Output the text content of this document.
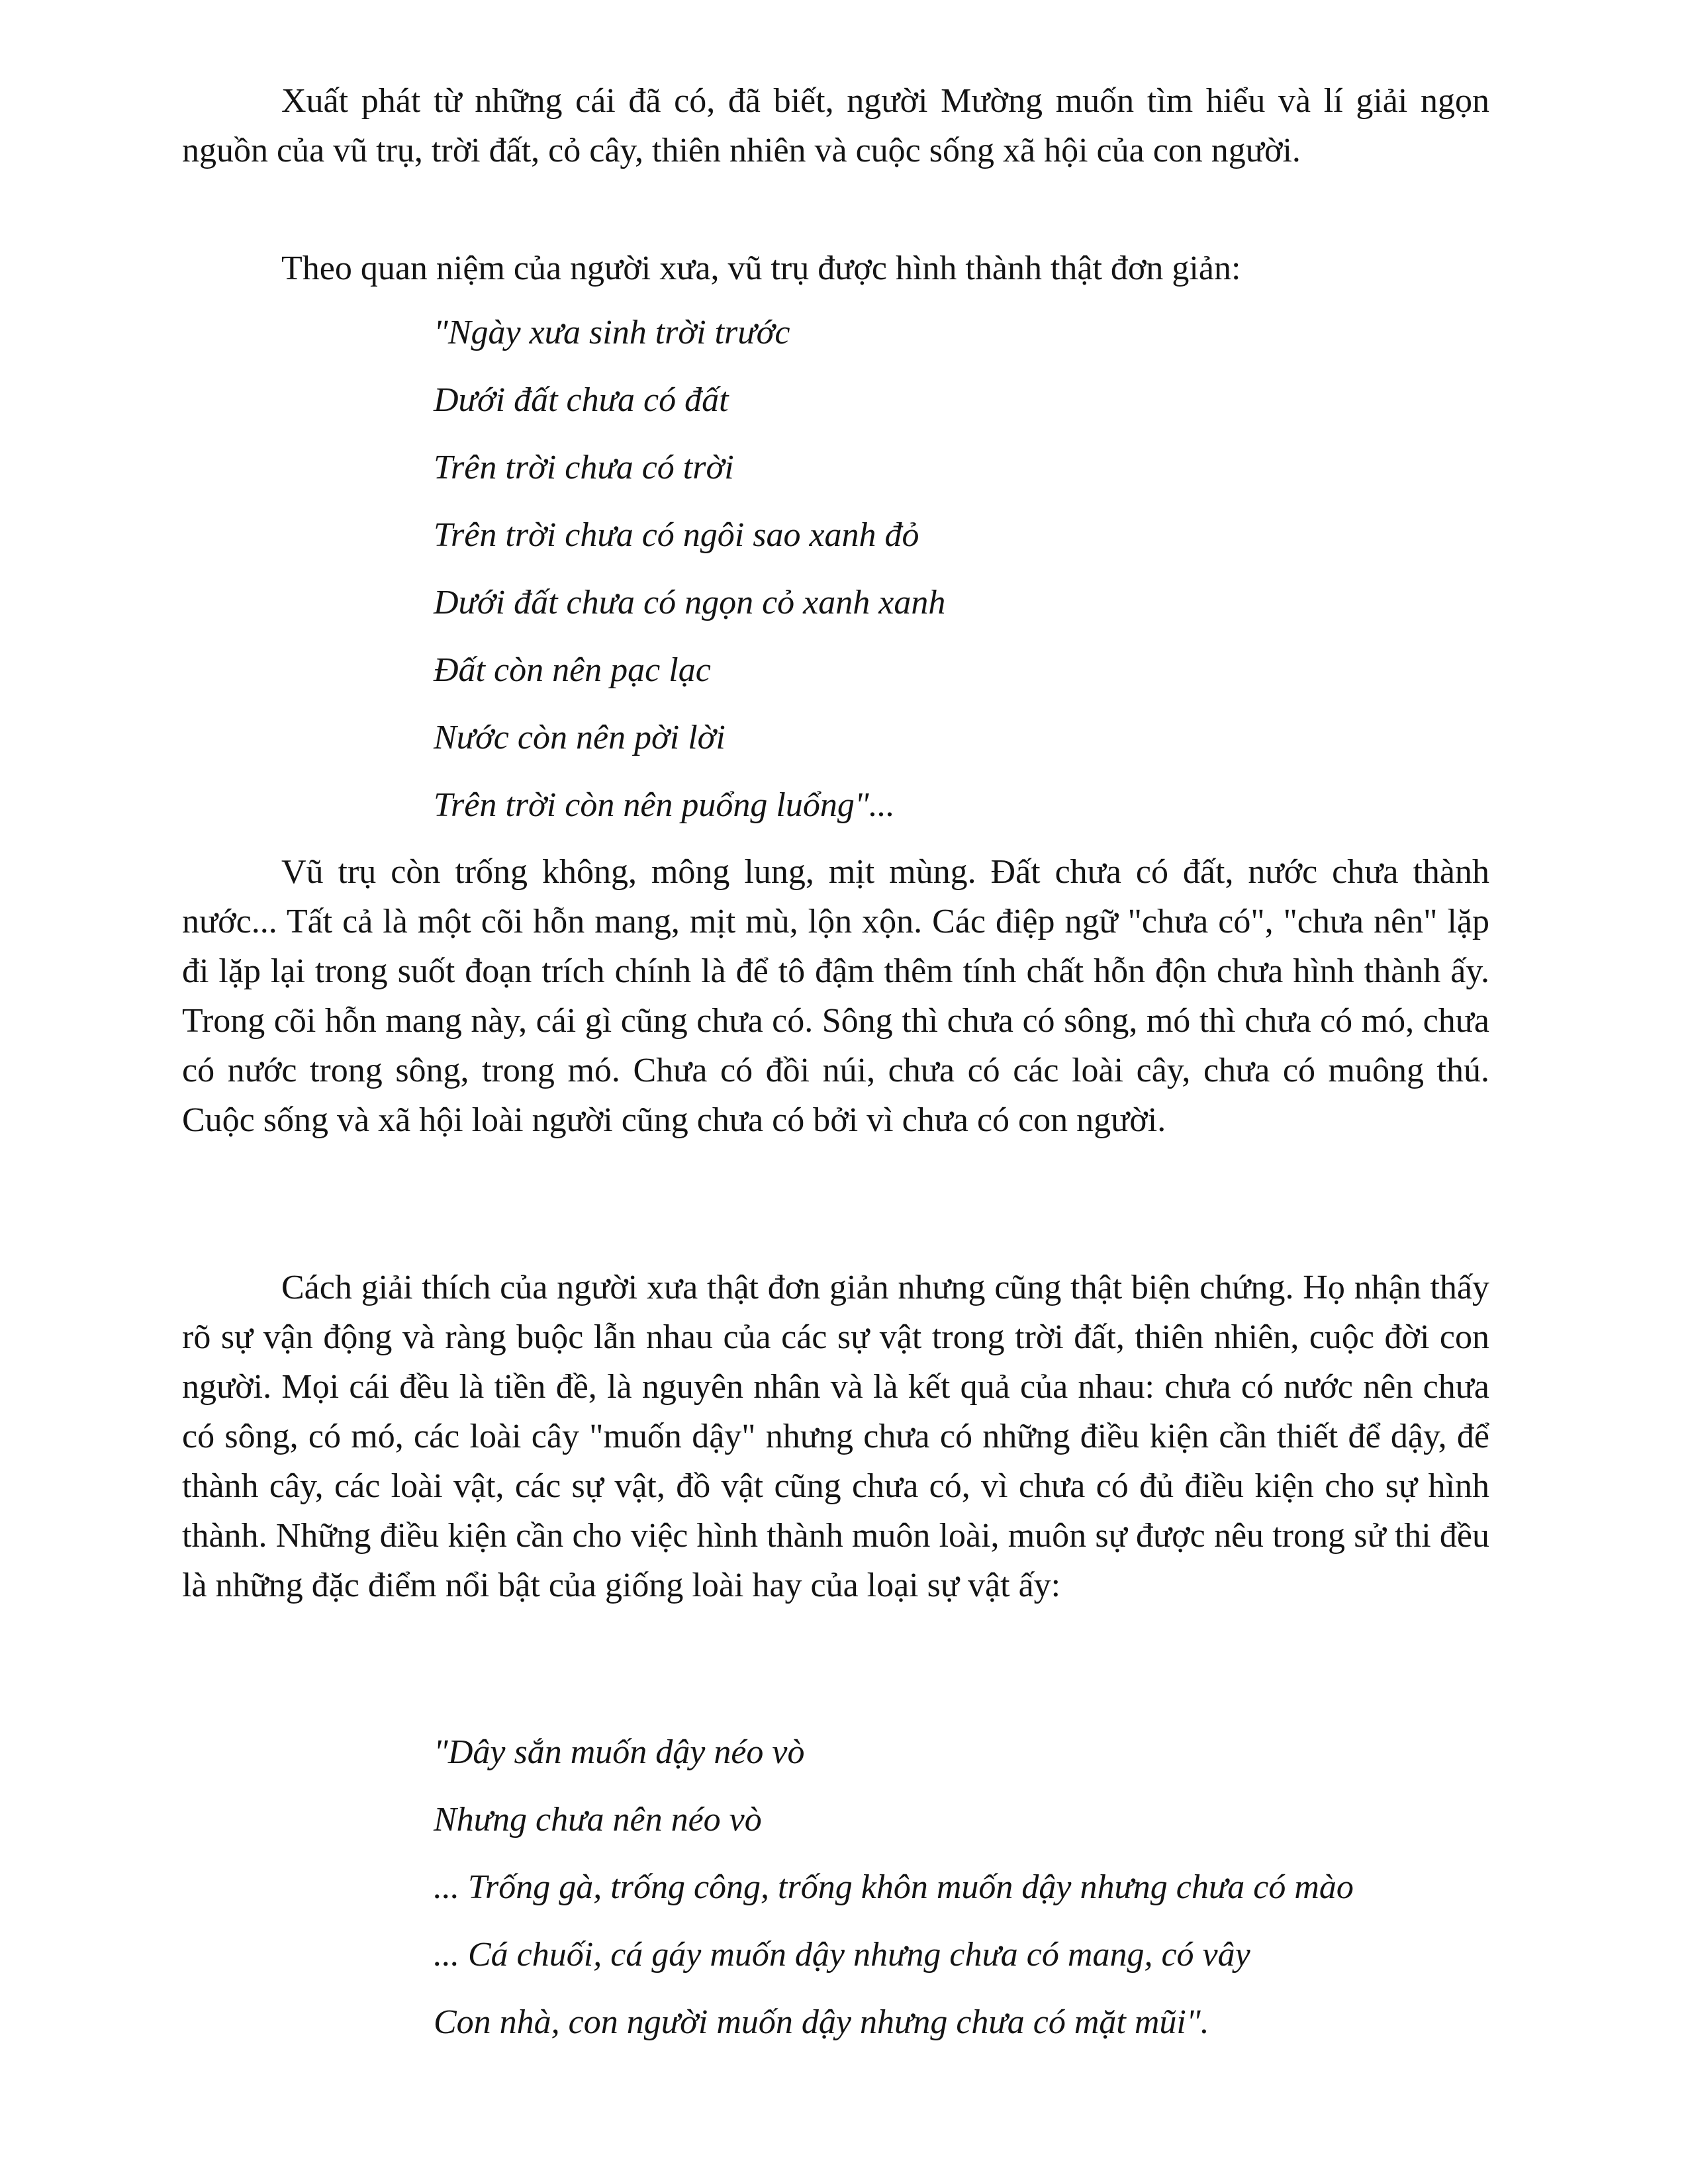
Xuất phát từ những cái đã có, đã biết, người Mường muốn tìm hiểu và lí giải ngọn nguồn của vũ trụ, trời đất, cỏ cây, thiên nhiên và cuộc sống xã hội của con người.

Theo quan niệm của người xưa, vũ trụ được hình thành thật đơn giản:

"Ngày xưa sinh trời trước
Dưới đất chưa có đất
Trên trời chưa có trời
Trên trời chưa có ngôi sao xanh đỏ
Dưới đất chưa có ngọn cỏ xanh xanh
Đất còn nên pạc lạc
Nước còn nên pời lời
Trên trời còn nên puổng luổng"...

Vũ trụ còn trống không, mông lung, mịt mùng. Đất chưa có đất, nước chưa thành nước... Tất cả là một cõi hỗn mang, mịt mù, lộn xộn. Các điệp ngữ "chưa có", "chưa nên" lặp đi lặp lại trong suốt đoạn trích chính là để tô đậm thêm tính chất hỗn độn chưa hình thành ấy. Trong cõi hỗn mang này, cái gì cũng chưa có. Sông thì chưa có sông, mó thì chưa có mó, chưa có nước trong sông, trong mó. Chưa có đồi núi, chưa có các loài cây, chưa có muông thú. Cuộc sống và xã hội loài người cũng chưa có bởi vì chưa có con người.

Cách giải thích của người xưa thật đơn giản nhưng cũng thật biện chứng. Họ nhận thấy rõ sự vận động và ràng buộc lẫn nhau của các sự vật trong trời đất, thiên nhiên, cuộc đời con người. Mọi cái đều là tiền đề, là nguyên nhân và là kết quả của nhau: chưa có nước nên chưa có sông, có mó, các loài cây "muốn dậy" nhưng chưa có những điều kiện cần thiết để dậy, để thành cây, các loài vật, các sự vật, đồ vật cũng chưa có, vì chưa có đủ điều kiện cho sự hình thành. Những điều kiện cần cho việc hình thành muôn loài, muôn sự được nêu trong sử thi đều là những đặc điểm nổi bật của giống loài hay của loại sự vật ấy:

"Dây sắn muốn dậy néo vò
Nhưng chưa nên néo vò
... Trống gà, trống công, trống khôn muốn dậy nhưng chưa có mào
... Cá chuối, cá gáy muốn dậy nhưng chưa có mang, có vây
Con nhà, con người muốn dậy nhưng chưa có mặt mũi".
